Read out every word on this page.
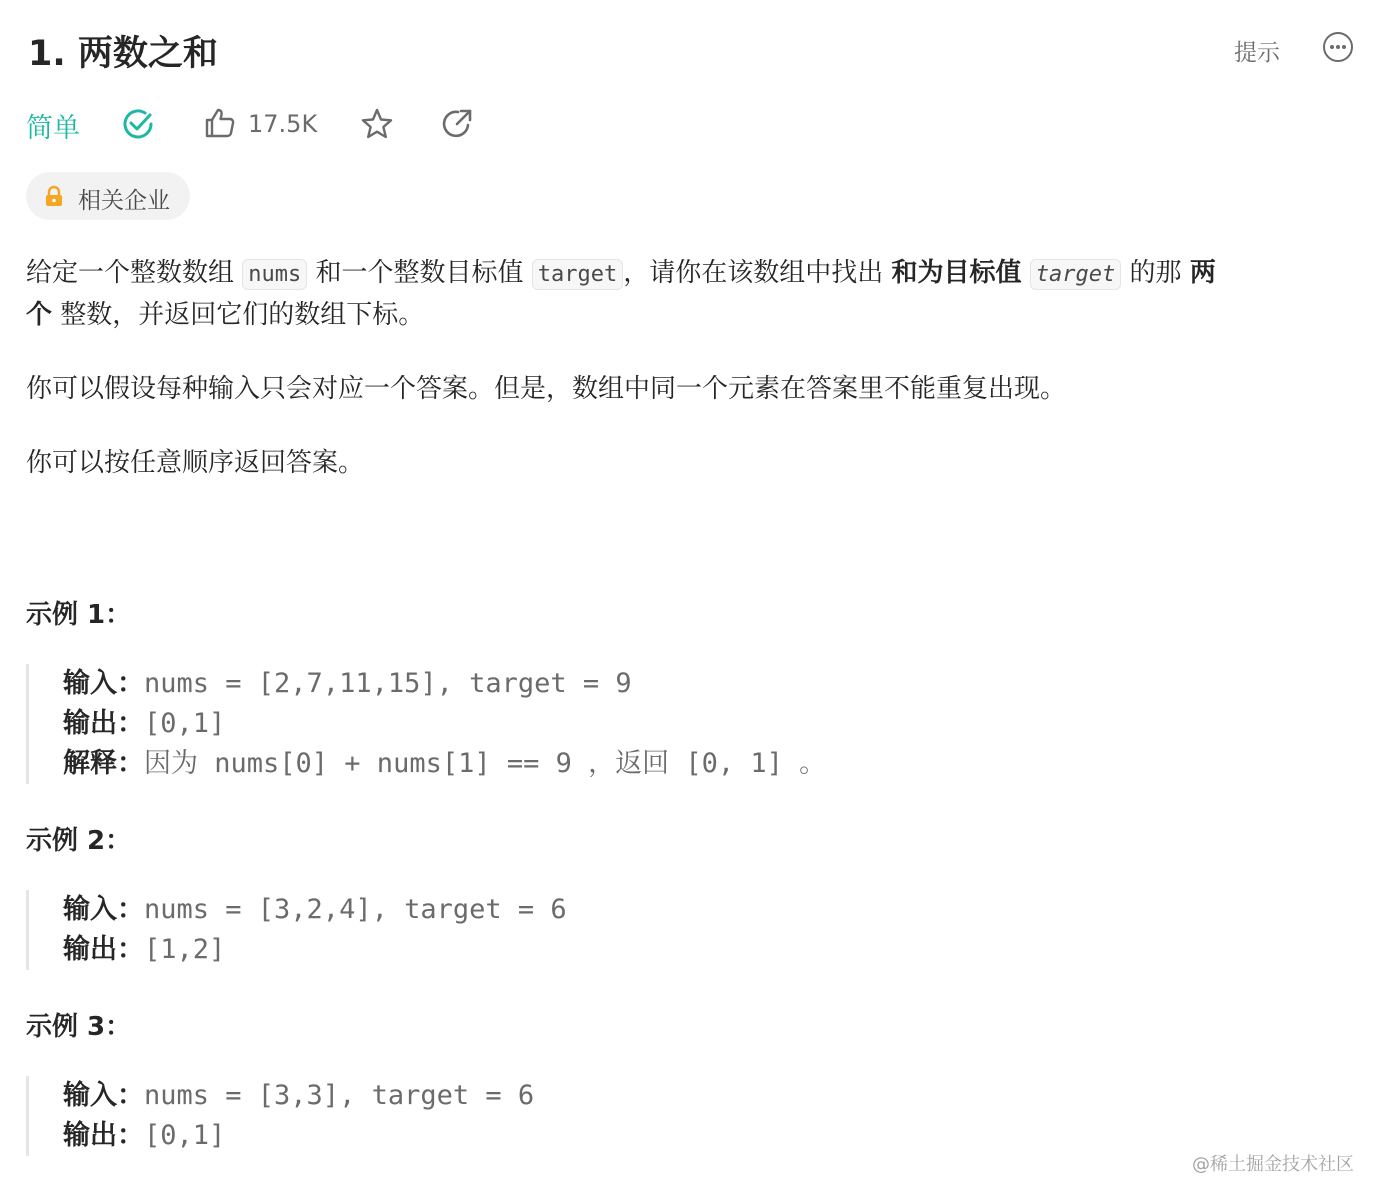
1. 两数之和	提示
简单	17.5K
相关企业
给定一个整数数组 nums 和一个整数目标值 target ，请你在该数组中找出 和为目标值 target 的那 两
个 整数，并返回它们的数组下标。
你可以假设每种输入只会对应一个答案。但是，数组中同一个元素在答案里不能重复出现。
你可以按任意顺序返回答案。
示例 1：
输入：nums = [2,7,11,15], target = 9
输出：[0,1]
解释：因为 nums[0] + nums[1] == 9 ，返回 [0, 1] 。
示例 2：
输入：nums = [3,2,4], target = 6
输出：[1,2]
示例 3：
输入：nums = [3,3], target = 6
输出：[0,1]
@稀土掘金技术社区
